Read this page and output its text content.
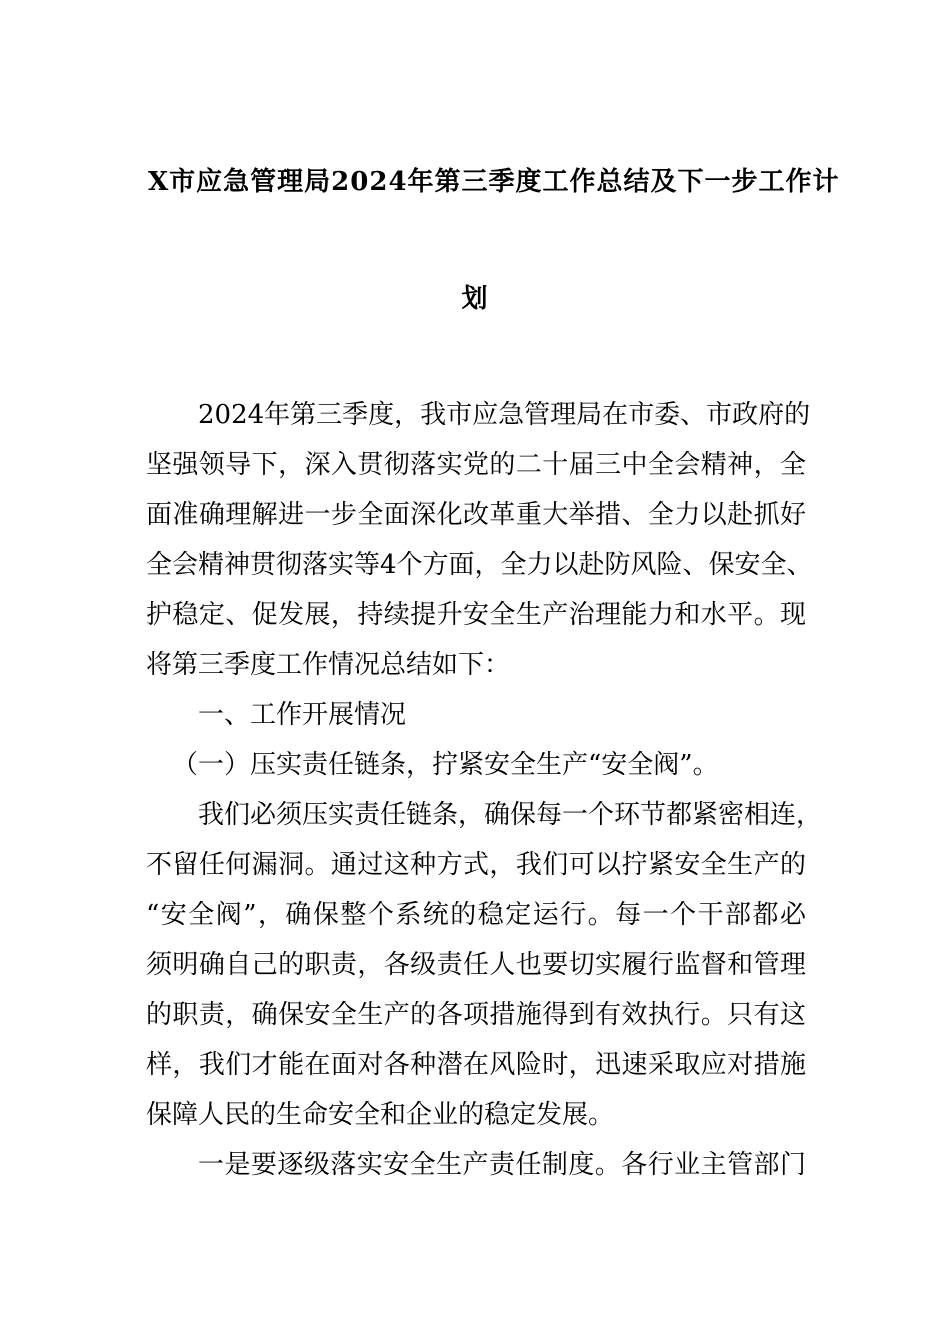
X市应急管理局2024年第三季度工作总结及下一步工作计
划
2024年第三季度，我市应急管理局在市委、市政府的
坚强领导下，深入贯彻落实党的二十届三中全会精神，全
面准确理解进一步全面深化改革重大举措、全力以赴抓好
全会精神贯彻落实等4个方面，全力以赴防风险、保安全、
护稳定、促发展，持续提升安全生产治理能力和水平。现
将第三季度工作情况总结如下：
一、工作开展情况
（一）压实责任链条，拧紧安全生产“安全阀”。
我们必须压实责任链条，确保每一个环节都紧密相连，
不留任何漏洞。通过这种方式，我们可以拧紧安全生产的
“安全阀”，确保整个系统的稳定运行。每一个干部都必
须明确自己的职责，各级责任人也要切实履行监督和管理
的职责，确保安全生产的各项措施得到有效执行。只有这
样，我们才能在面对各种潜在风险时，迅速采取应对措施
保障人民的生命安全和企业的稳定发展。
一是要逐级落实安全生产责任制度。各行业主管部门
